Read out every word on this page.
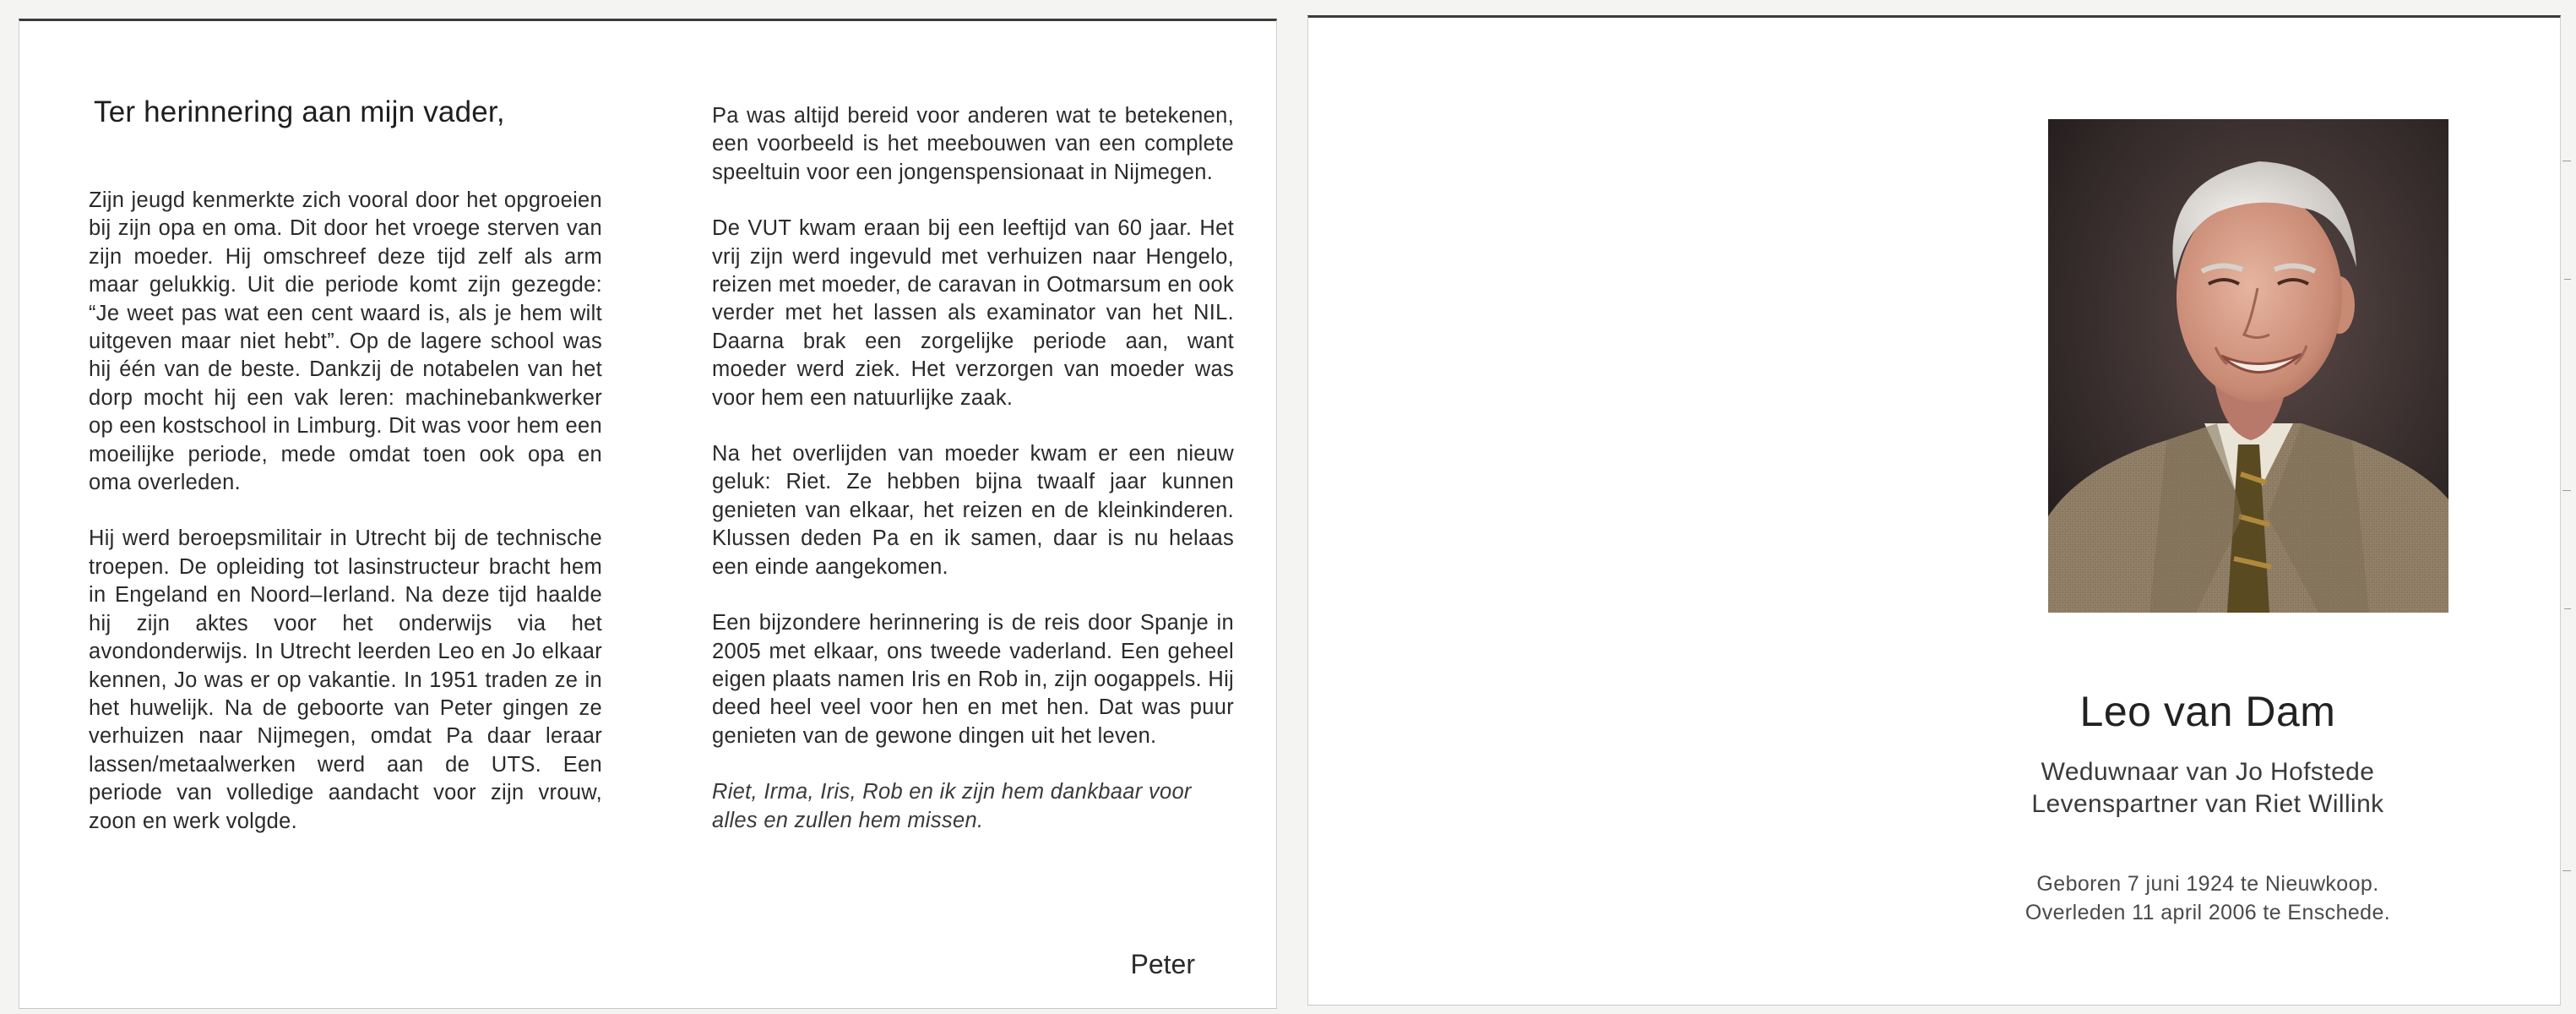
Ter herinnering aan mijn vader,

Zijn jeugd kenmerkte zich vooral door het opgroeien bij zijn opa en oma. Dit door het vroege sterven van zijn moeder. Hij omschreef deze tijd zelf als arm maar gelukkig. Uit die periode komt zijn gezegde: “Je weet pas wat een cent waard is, als je hem wilt uitgeven maar niet hebt”. Op de lagere school was hij één van de beste. Dankzij de notabelen van het dorp mocht hij een vak leren: machinebankwerker op een kostschool in Limburg. Dit was voor hem een moeilijke periode, mede omdat toen ook opa en oma overleden.

Hij werd beroepsmilitair in Utrecht bij de technische troepen. De opleiding tot lasinstructeur bracht hem in Engeland en Noord–Ierland. Na deze tijd haalde hij zijn aktes voor het onderwijs via het avondonderwijs. In Utrecht leerden Leo en Jo elkaar kennen, Jo was er op vakantie. In 1951 traden ze in het huwelijk. Na de geboorte van Peter gingen ze verhuizen naar Nijmegen, omdat Pa daar leraar lassen/metaalwerken werd aan de UTS. Een periode van volledige aandacht voor zijn vrouw, zoon en werk volgde.

Pa was altijd bereid voor anderen wat te betekenen, een voorbeeld is het meebouwen van een complete speeltuin voor een jongenspensionaat in Nijmegen.

De VUT kwam eraan bij een leeftijd van 60 jaar. Het vrij zijn werd ingevuld met verhuizen naar Hengelo, reizen met moeder, de caravan in Ootmarsum en ook verder met het lassen als examinator van het NIL. Daarna brak een zorgelijke periode aan, want moeder werd ziek. Het verzorgen van moeder was voor hem een natuurlijke zaak.

Na het overlijden van moeder kwam er een nieuw geluk: Riet. Ze hebben bijna twaalf jaar kunnen genieten van elkaar, het reizen en de kleinkinderen. Klussen deden Pa en ik samen, daar is nu helaas een einde aangekomen.

Een bijzondere herinnering is de reis door Spanje in 2005 met elkaar, ons tweede vaderland. Een geheel eigen plaats namen Iris en Rob in, zijn oogappels. Hij deed heel veel voor hen en met hen. Dat was puur genieten van de gewone dingen uit het leven.

Riet, Irma, Iris, Rob en ik zijn hem dankbaar voor alles en zullen hem missen.

Peter
Leo van Dam
Weduwnaar van Jo Hofstede
Levenspartner van Riet Willink
Geboren 7 juni 1924 te Nieuwkoop.
Overleden 11 april 2006 te Enschede.
